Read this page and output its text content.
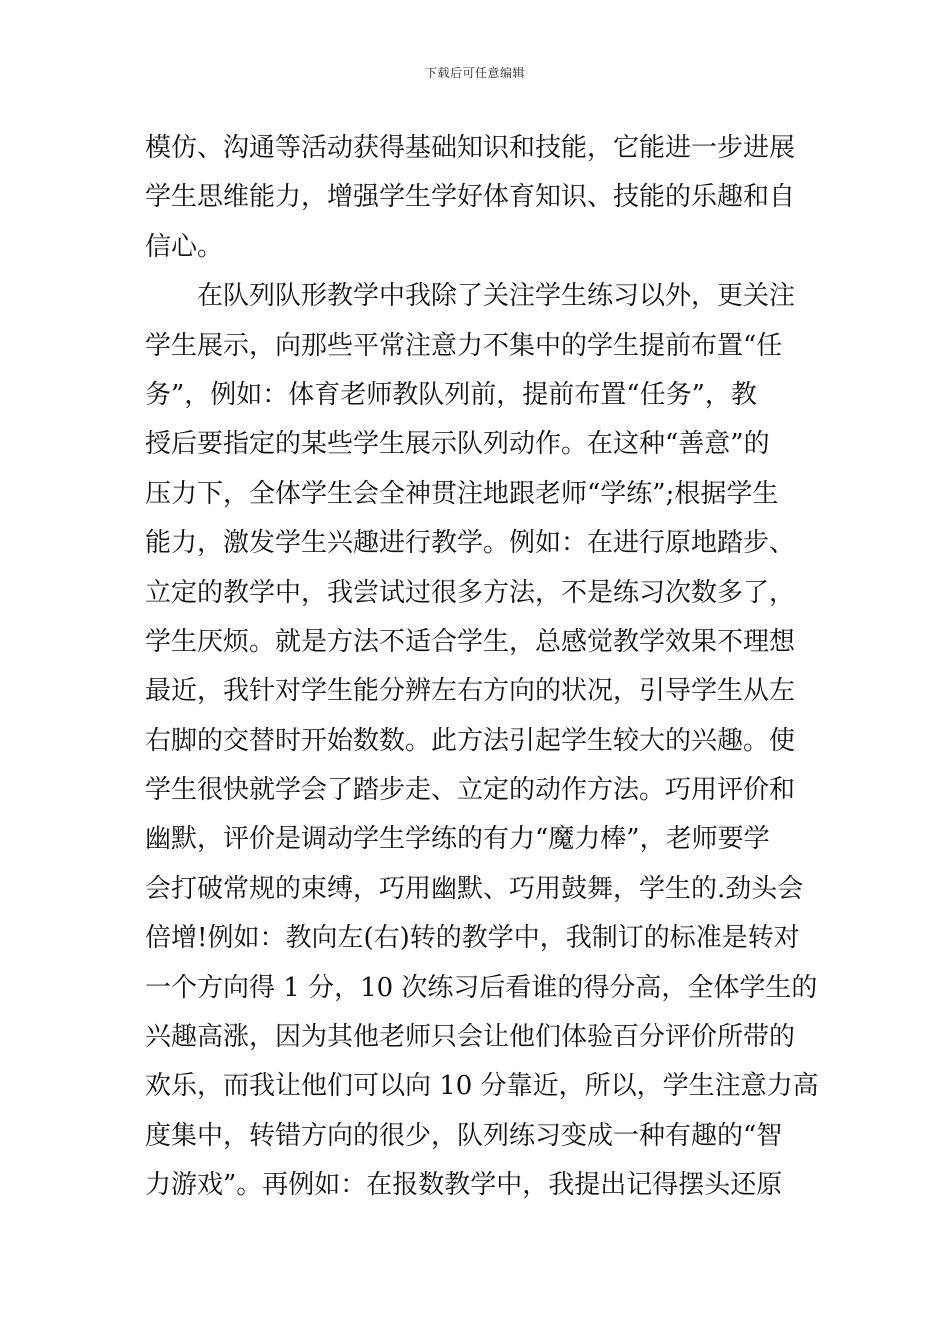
下载后可任意编辑
模仿、沟通等活动获得基础知识和技能，它能进一步进展
学生思维能力，增强学生学好体育知识、技能的乐趣和自
信心。
在队列队形教学中我除了关注学生练习以外，更关注
学生展示，向那些平常注意力不集中的学生提前布置“任
务”，例如：体育老师教队列前，提前布置“任务”，教
授后要指定的某些学生展示队列动作。在这种“善意”的
压力下，全体学生会全神贯注地跟老师“学练”;根据学生
能力，激发学生兴趣进行教学。例如：在进行原地踏步、
立定的教学中，我尝试过很多方法，不是练习次数多了，
学生厌烦。就是方法不适合学生，总感觉教学效果不理想
最近，我针对学生能分辨左右方向的状况，引导学生从左
右脚的交替时开始数数。此方法引起学生较大的兴趣。使
学生很快就学会了踏步走、立定的动作方法。巧用评价和
幽默，评价是调动学生学练的有力“魔力棒”，老师要学
会打破常规的束缚，巧用幽默、巧用鼓舞，学生的.劲头会
倍增!例如：教向左(右)转的教学中，我制订的标准是转对
一个方向得 1 分，10 次练习后看谁的得分高，全体学生的
兴趣高涨，因为其他老师只会让他们体验百分评价所带的
欢乐，而我让他们可以向 10 分靠近，所以，学生注意力高
度集中，转错方向的很少，队列练习变成一种有趣的“智
力游戏”。再例如：在报数教学中，我提出记得摆头还原
